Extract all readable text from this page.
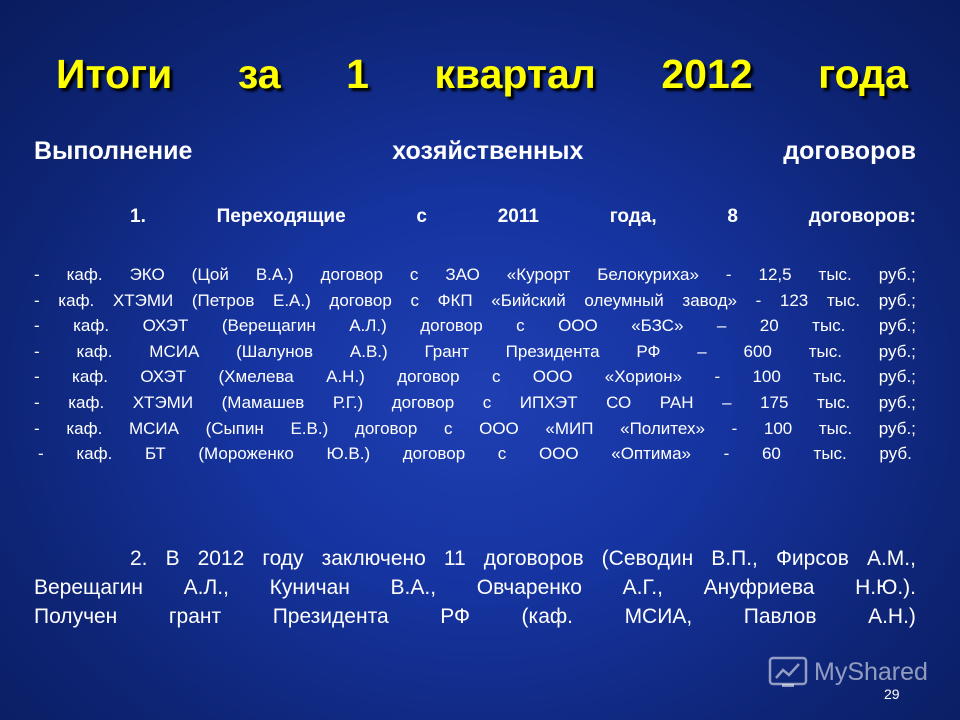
Итоги за 1 квартал 2012 года
Выполнение	хозяйственных	договоров
1.	Переходящие	с	2011	года,	8	договоров:
- каф. ЭКО (Цой В.А.) договор с ЗАО «Курорт Белокуриха» - 12,5 тыс. руб.;
- каф. ХТЭМИ (Петров Е.А.) договор с ФКП «Бийский олеумный завод» - 123 тыс. руб.;
- каф. ОХЭТ (Верещагин А.Л.) договор с ООО «БЗС» – 20 тыс. руб.;
- каф. МСИА (Шалунов А.В.) Грант Президента РФ – 600 тыс. руб.;
- каф. ОХЭТ (Хмелева А.Н.) договор с ООО «Хорион» - 100 тыс. руб.;
- каф. ХТЭМИ (Мамашев Р.Г.) договор с ИПХЭТ СО РАН – 175 тыс. руб.;
- каф. МСИА (Сыпин Е.В.) договор с ООО «МИП «Политех» - 100 тыс. руб.;
- каф. БТ (Мороженко Ю.В.) договор с ООО «Оптима» - 60 тыс. руб.
2. В 2012 году заключено 11 договоров (Севодин В.П., Фирсов А.М.,
Верещагин А.Л., Куничан В.А., Овчаренко А.Г., Ануфриева Н.Ю.).
Получен грант Президента РФ (каф. МСИА, Павлов А.Н.)
MyShared
29
